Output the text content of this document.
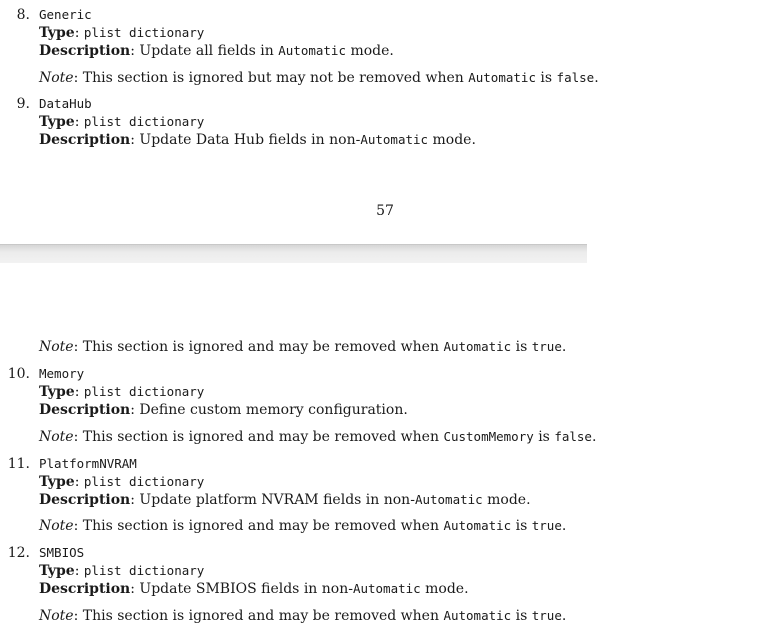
8. Generic
Type: plist dictionary
Description: Update all fields in Automatic mode.
Note: This section is ignored but may not be removed when Automatic is false.
9. DataHub
Type: plist dictionary
Description: Update Data Hub fields in non-Automatic mode.
57
Note: This section is ignored and may be removed when Automatic is true.
10. Memory
Type: plist dictionary
Description: Define custom memory configuration.
Note: This section is ignored and may be removed when CustomMemory is false.
11. PlatformNVRAM
Type: plist dictionary
Description: Update platform NVRAM fields in non-Automatic mode.
Note: This section is ignored and may be removed when Automatic is true.
12. SMBIOS
Type: plist dictionary
Description: Update SMBIOS fields in non-Automatic mode.
Note: This section is ignored and may be removed when Automatic is true.
